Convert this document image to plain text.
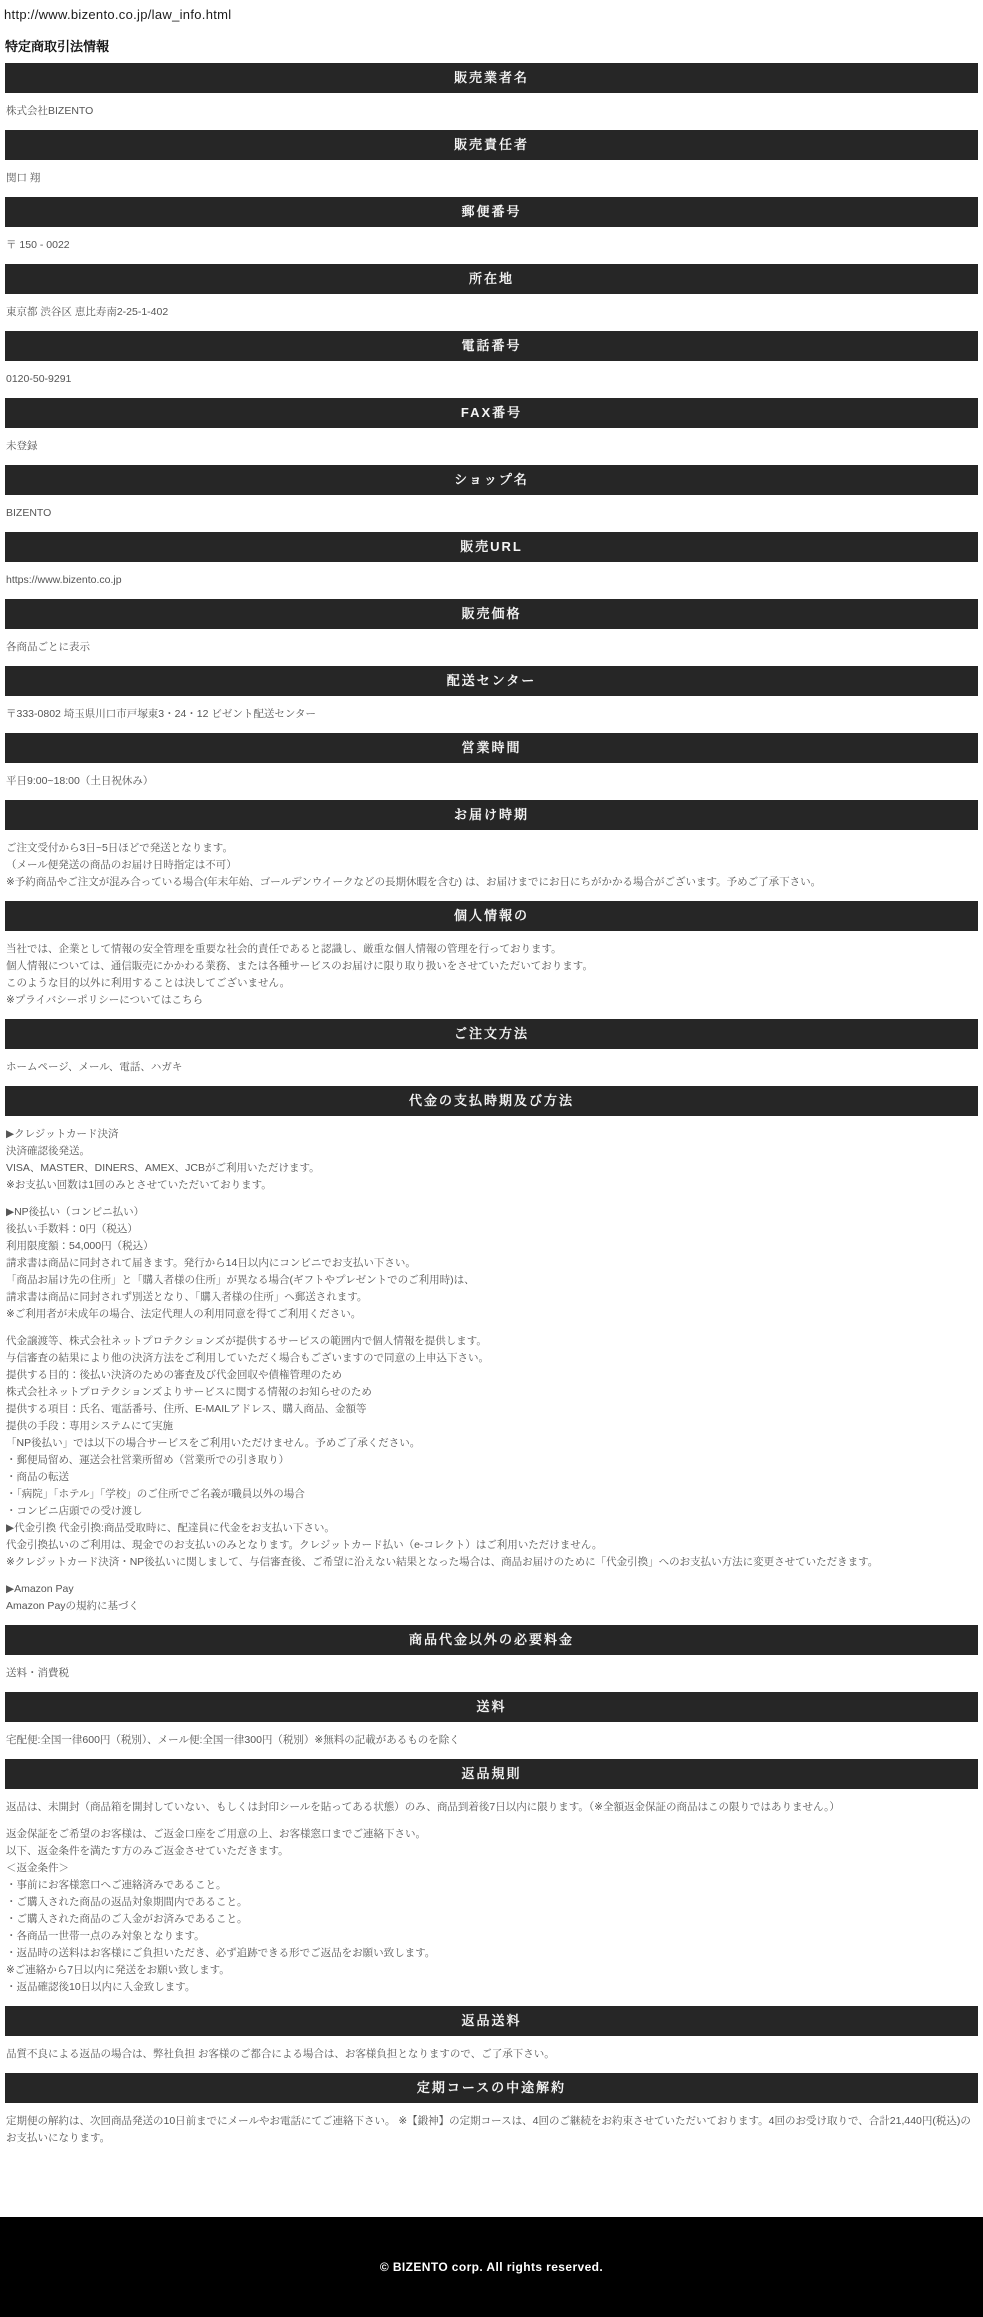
http://www.bizento.co.jp/law_info.html
特定商取引法情報
販売業者名
株式会社BIZENTO
販売責任者
関口 翔
郵便番号
〒 150 - 0022
所在地
東京都 渋谷区 恵比寿南2-25-1-402
電話番号
0120-50-9291
FAX番号
未登録
ショップ名
BIZENTO
販売URL
https://www.bizento.co.jp
販売価格
各商品ごとに表示
配送センター
〒333-0802 埼玉県川口市戸塚東3・24・12 ビゼント配送センター
営業時間
平日9:00~18:00（土日祝休み）
お届け時期
ご注文受付から3日~5日ほどで発送となります。
（メール便発送の商品のお届け日時指定は不可）
※予約商品やご注文が混み合っている場合(年末年始、ゴールデンウイークなどの長期休暇を含む) は、お届けまでにお日にちがかかる場合がございます。予めご了承下さい。
個人情報の
当社では、企業として情報の安全管理を重要な社会的責任であると認識し、厳重な個人情報の管理を行っております。
個人情報については、通信販売にかかわる業務、または各種サービスのお届けに限り取り扱いをさせていただいております。
このような目的以外に利用することは決してございません。
※プライバシーポリシーについてはこちら
ご注文方法
ホームページ、メール、電話、ハガキ
代金の支払時期及び方法
▶クレジットカード決済
決済確認後発送。
VISA、MASTER、DINERS、AMEX、JCBがご利用いただけます。
※お支払い回数は1回のみとさせていただいております。

▶NP後払い（コンビニ払い）
後払い手数料：0円（税込）
利用限度額：54,000円（税込）
請求書は商品に同封されて届きます。発行から14日以内にコンビニでお支払い下さい。
「商品お届け先の住所」と「購入者様の住所」が異なる場合(ギフトやプレゼントでのご利用時)は、
請求書は商品に同封されず別送となり、「購入者様の住所」へ郵送されます。
※ご利用者が未成年の場合、法定代理人の利用同意を得てご利用ください。

代金譲渡等、株式会社ネットプロテクションズが提供するサービスの範囲内で個人情報を提供します。
与信審査の結果により他の決済方法をご利用していただく場合もございますので同意の上申込下さい。
提供する目的：後払い決済のための審査及び代金回収や債権管理のため
株式会社ネットプロテクションズよりサービスに関する情報のお知らせのため
提供する項目：氏名、電話番号、住所、E-MAILアドレス、購入商品、金額等
提供の手段：専用システムにて実施
「NP後払い」では以下の場合サービスをご利用いただけません。予めご了承ください。
・郵便局留め、運送会社営業所留め（営業所での引き取り）
・商品の転送
・「病院」「ホテル」「学校」のご住所でご名義が職員以外の場合
・コンビニ店頭での受け渡し
▶代金引換 代金引換:商品受取時に、配達員に代金をお支払い下さい。
代金引換払いのご利用は、現金でのお支払いのみとなります。クレジットカード払い（e-コレクト）はご利用いただけません。
※クレジットカード決済・NP後払いに関しまして、与信審査後、ご希望に沿えない結果となった場合は、商品お届けのために「代金引換」へのお支払い方法に変更させていただきます。

▶Amazon Pay
Amazon Payの規約に基づく
商品代金以外の必要料金
送料・消費税
送料
宅配便:全国一律600円（税別）、メール便:全国一律300円（税別）※無料の記載があるものを除く
返品規則
返品は、未開封（商品箱を開封していない、もしくは封印シールを貼ってある状態）のみ、商品到着後7日以内に限ります。（※全額返金保証の商品はこの限りではありません。）

返金保証をご希望のお客様は、ご返金口座をご用意の上、お客様窓口までご連絡下さい。
以下、返金条件を満たす方のみご返金させていただきます。
＜返金条件＞
・事前にお客様窓口へご連絡済みであること。
・ご購入された商品の返品対象期間内であること。
・ご購入された商品のご入金がお済みであること。
・各商品一世帯一点のみ対象となります。
・返品時の送料はお客様にご負担いただき、必ず追跡できる形でご返品をお願い致します。
※ご連絡から7日以内に発送をお願い致します。
・返品確認後10日以内に入金致します。
返品送料
品質不良による返品の場合は、弊社負担 お客様のご都合による場合は、お客様負担となりますので、ご了承下さい。
定期コースの中途解約
定期便の解約は、次回商品発送の10日前までにメールやお電話にてご連絡下さい。 ※【鍛神】の定期コースは、4回のご継続をお約束させていただいております。4回のお受け取りで、合計21,440円(税込)のお支払いになります。
© BIZENTO corp. All rights reserved.
